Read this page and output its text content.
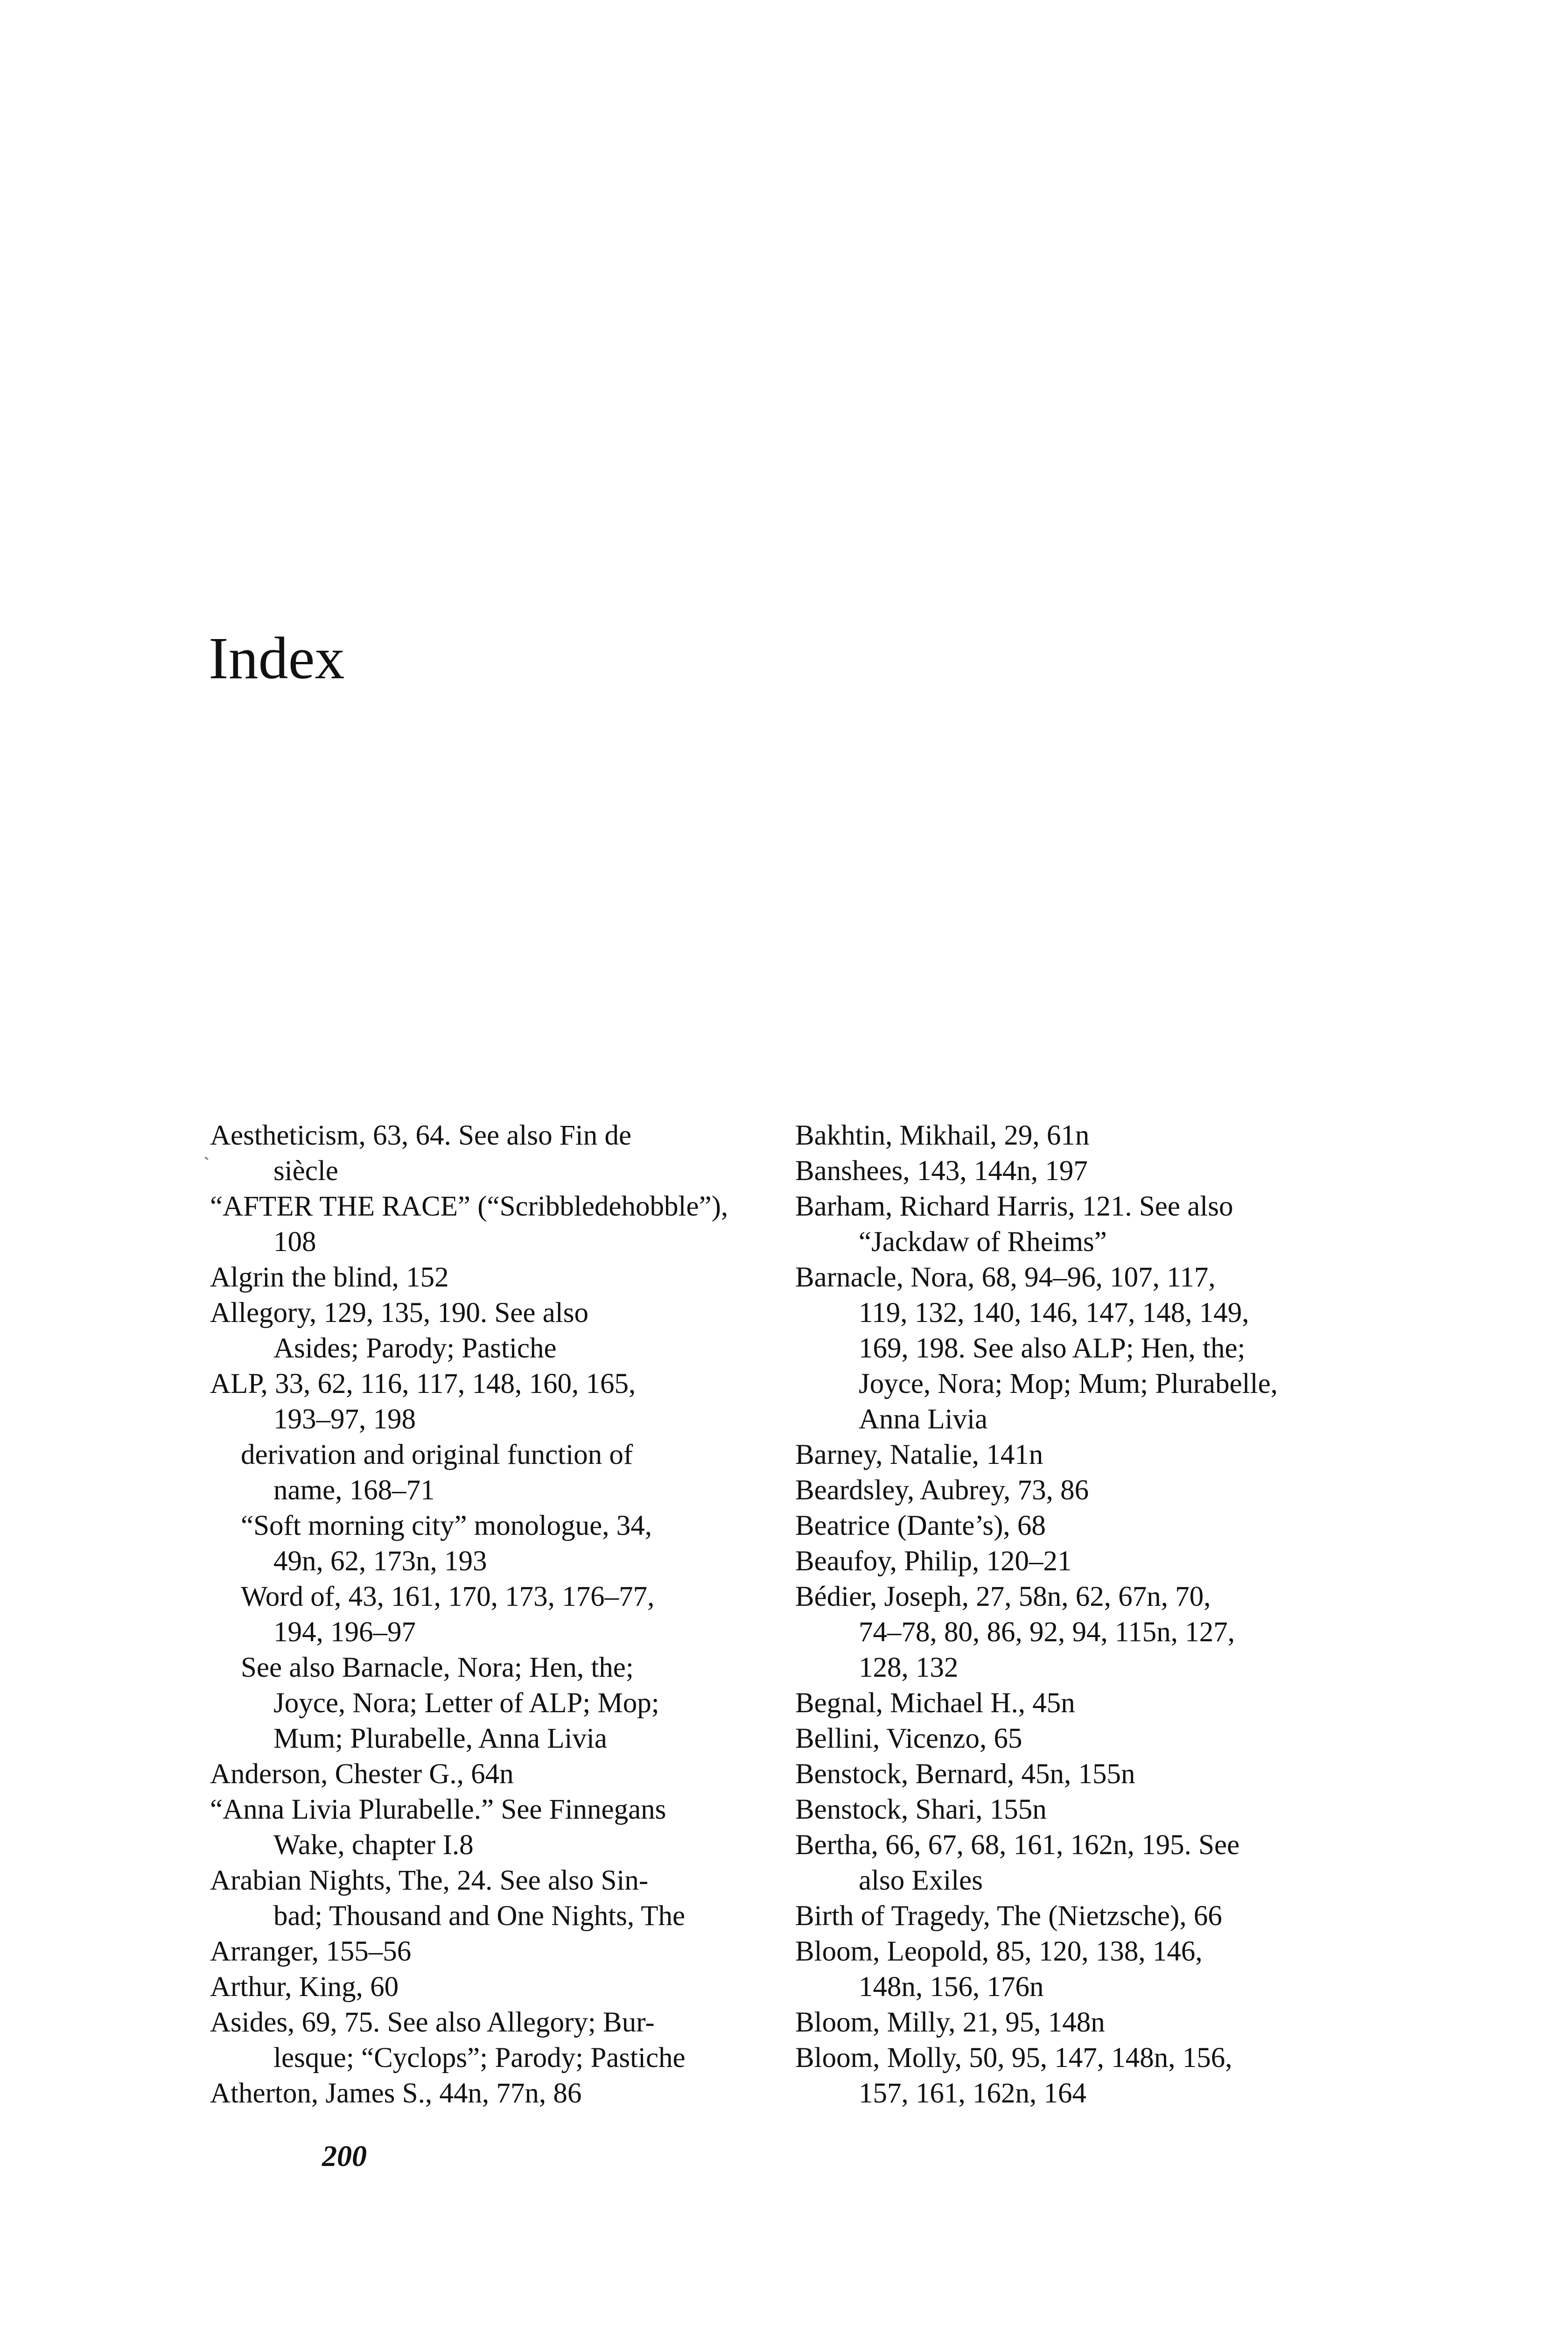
Index
Aestheticism, 63, 64. See also Fin de
siècle
“AFTER THE RACE” (“Scribbledehobble”),
108
Algrin the blind, 152
Allegory, 129, 135, 190. See also
Asides; Parody; Pastiche
ALP, 33, 62, 116, 117, 148, 160, 165,
193–97, 198
derivation and original function of
name, 168–71
“Soft morning city” monologue, 34,
49n, 62, 173n, 193
Word of, 43, 161, 170, 173, 176–77,
194, 196–97
See also Barnacle, Nora; Hen, the;
Joyce, Nora; Letter of ALP; Mop;
Mum; Plurabelle, Anna Livia
Anderson, Chester G., 64n
“Anna Livia Plurabelle.” See Finnegans
Wake, chapter I.8
Arabian Nights, The, 24. See also Sin-
bad; Thousand and One Nights, The
Arranger, 155–56
Arthur, King, 60
Asides, 69, 75. See also Allegory; Bur-
lesque; “Cyclops”; Parody; Pastiche
Atherton, James S., 44n, 77n, 86
Bakhtin, Mikhail, 29, 61n
Banshees, 143, 144n, 197
Barham, Richard Harris, 121. See also
“Jackdaw of Rheims”
Barnacle, Nora, 68, 94–96, 107, 117,
119, 132, 140, 146, 147, 148, 149,
169, 198. See also ALP; Hen, the;
Joyce, Nora; Mop; Mum; Plurabelle,
Anna Livia
Barney, Natalie, 141n
Beardsley, Aubrey, 73, 86
Beatrice (Dante’s), 68
Beaufoy, Philip, 120–21
Bédier, Joseph, 27, 58n, 62, 67n, 70,
74–78, 80, 86, 92, 94, 115n, 127,
128, 132
Begnal, Michael H., 45n
Bellini, Vicenzo, 65
Benstock, Bernard, 45n, 155n
Benstock, Shari, 155n
Bertha, 66, 67, 68, 161, 162n, 195. See
also Exiles
Birth of Tragedy, The (Nietzsche), 66
Bloom, Leopold, 85, 120, 138, 146,
148n, 156, 176n
Bloom, Milly, 21, 95, 148n
Bloom, Molly, 50, 95, 147, 148n, 156,
157, 161, 162n, 164
`
200
